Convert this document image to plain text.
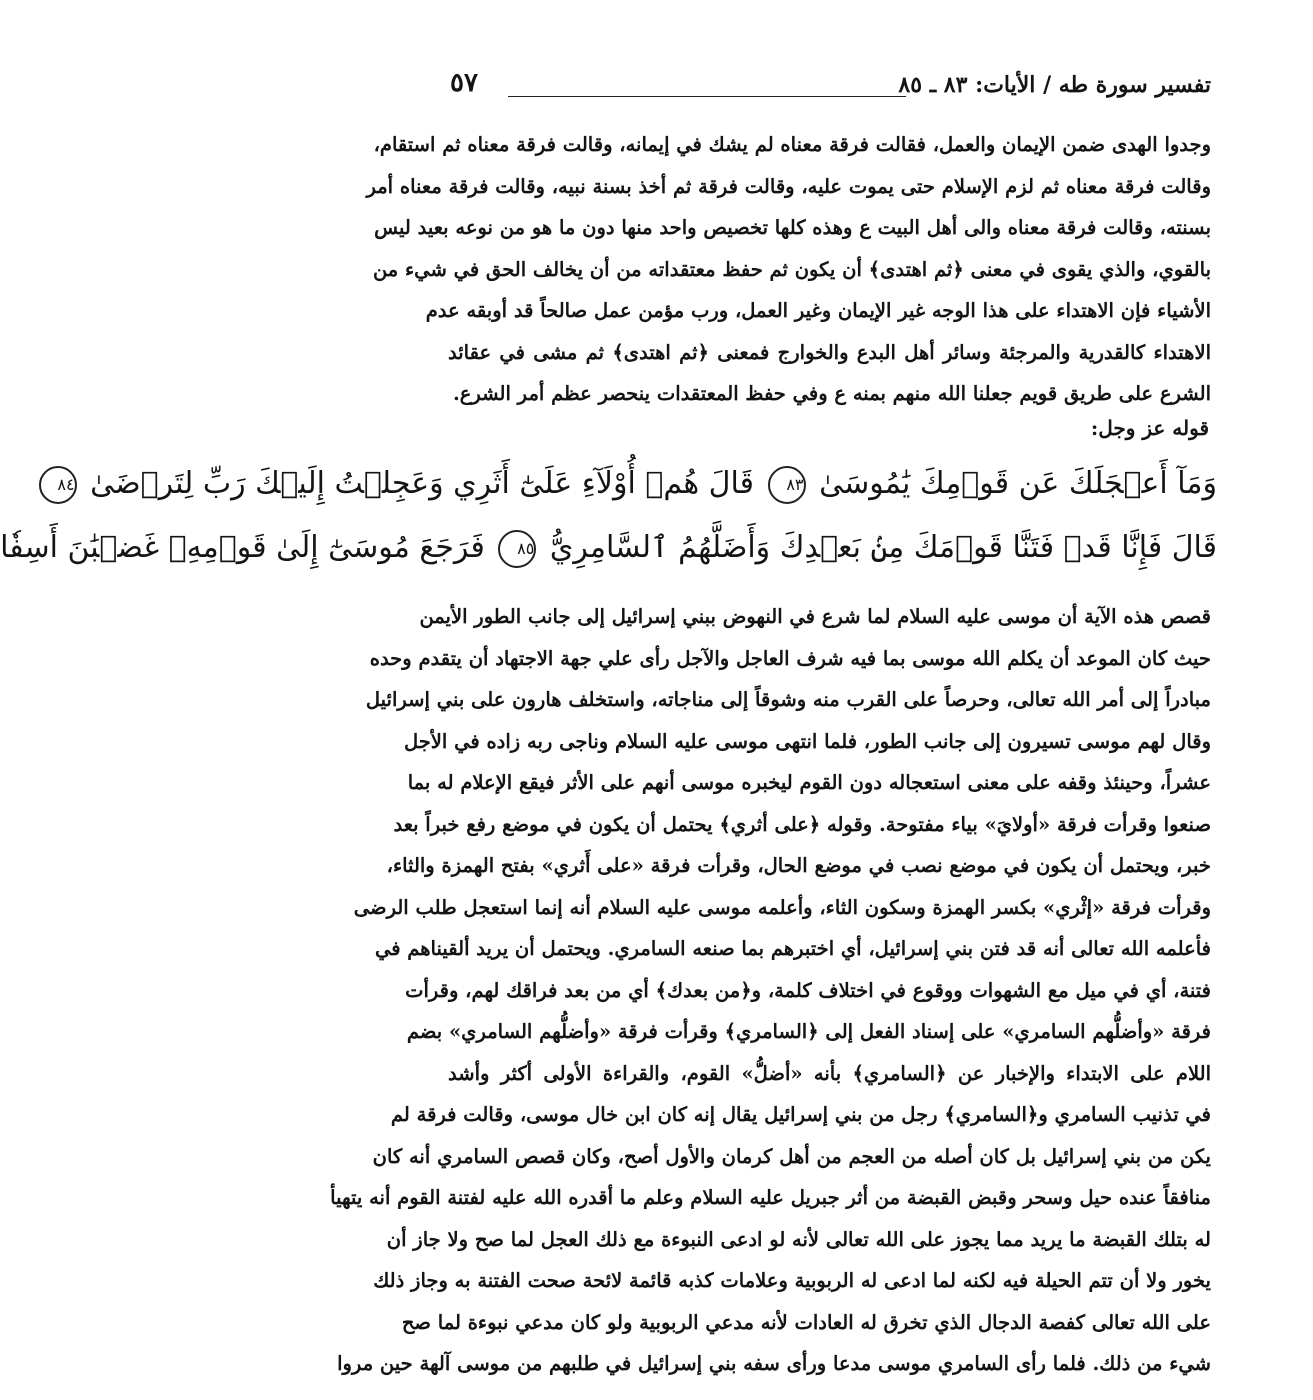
تفسير سورة طه / الأيات: ٨٣ ـ ٨٥
٥٧
وجدوا الهدى ضمن الإيمان والعمل، فقالت فرقة معناه لم يشك في إيمانه، وقالت فرقة معناه ثم استقام،
وقالت فرقة معناه ثم لزم الإسلام حتى يموت عليه، وقالت فرقة ثم أخذ بسنة نبيه، وقالت فرقة معناه أمر
بسنته، وقالت فرقة معناه والى أهل البيت ع وهذه كلها تخصيص واحد منها دون ما هو من نوعه بعيد ليس
بالقوي، والذي يقوى في معنى ﴿ثم اهتدى﴾ أن يكون ثم حفظ معتقداته من أن يخالف الحق في شيء من
الأشياء فإن الاهتداء على هذا الوجه غير الإيمان وغير العمل، ورب مؤمن عمل صالحاً قد أوبقه عدم
الاهتداء كالقدرية والمرجئة وسائر أهل البدع والخوارج فمعنى ﴿ثم اهتدى﴾ ثم مشى في عقائد
الشرع على طريق قويم جعلنا الله منهم بمنه ع وفي حفظ المعتقدات ينحصر عظم أمر الشرع.
قوله عز وجل:
وَمَآ أَعۡجَلَكَ عَن قَوۡمِكَ يَٰمُوسَىٰ ٨٣ قَالَ هُمۡ أُوْلَآءِ عَلَىٰٓ أَثَرِي وَعَجِلۡتُ إِلَيۡكَ رَبِّ لِتَرۡضَىٰ ٨٤
قَالَ فَإِنَّا قَدۡ فَتَنَّا قَوۡمَكَ مِنۢ بَعۡدِكَ وَأَضَلَّهُمُ ٱلسَّامِرِيُّ ٨٥ فَرَجَعَ مُوسَىٰٓ إِلَىٰ قَوۡمِهِۦ غَضۡبَٰنَ أَسِفٗا
قصص هذه الآية أن موسى عليه السلام لما شرع في النهوض ببني إسرائيل إلى جانب الطور الأيمن
حيث كان الموعد أن يكلم الله موسى بما فيه شرف العاجل والآجل رأى علي جهة الاجتهاد أن يتقدم وحده
مبادراً إلى أمر الله تعالى، وحرصاً على القرب منه وشوقاً إلى مناجاته، واستخلف هارون على بني إسرائيل
وقال لهم موسى تسيرون إلى جانب الطور، فلما انتهى موسى عليه السلام وناجى ربه زاده في الأجل
عشراً، وحينئذ وقفه على معنى استعجاله دون القوم ليخبره موسى أنهم على الأثر فيقع الإعلام له بما
صنعوا وقرأت فرقة «أولايَ» بياء مفتوحة. وقوله ﴿على أثري﴾ يحتمل أن يكون في موضع رفع خبراً بعد
خبر، ويحتمل أن يكون في موضع نصب في موضع الحال، وقرأت فرقة «على أَثري» بفتح الهمزة والثاء،
وقرأت فرقة «إثْري» بكسر الهمزة وسكون الثاء، وأعلمه موسى عليه السلام أنه إنما استعجل طلب الرضى
فأعلمه الله تعالى أنه قد فتن بني إسرائيل، أي اختبرهم بما صنعه السامري. ويحتمل أن يريد ألقيناهم في
فتنة، أي في ميل مع الشهوات ووقوع في اختلاف كلمة، و﴿من بعدك﴾ أي من بعد فراقك لهم، وقرأت
فرقة «وأضلُّهم السامري» على إسناد الفعل إلى ﴿السامري﴾ وقرأت فرقة «وأضلُّهم السامري» بضم
اللام على الابتداء والإخبار عن ﴿السامري﴾ بأنه «أضلُّ» القوم، والقراءة الأولى أكثر وأشد
في تذنيب السامري و﴿السامري﴾ رجل من بني إسرائيل يقال إنه كان ابن خال موسى، وقالت فرقة لم
يكن من بني إسرائيل بل كان أصله من العجم من أهل كرمان والأول أصح، وكان قصص السامري أنه كان
منافقاً عنده حيل وسحر وقبض القبضة من أثر جبريل عليه السلام وعلم ما أقدره الله عليه لفتنة القوم أنه يتهيأ
له بتلك القبضة ما يريد مما يجوز على الله تعالى لأنه لو ادعى النبوءة مع ذلك العجل لما صح ولا جاز أن
يخور ولا أن تتم الحيلة فيه لكنه لما ادعى له الربوبية وعلامات كذبه قائمة لائحة صحت الفتنة به وجاز ذلك
على الله تعالى كفصة الدجال الذي تخرق له العادات لأنه مدعي الربوبية ولو كان مدعي نبوءة لما صح
شيء من ذلك. فلما رأى السامري موسى مدعا ورأى سفه بني إسرائيل في طلبهم من موسى آلهة حين مروا
